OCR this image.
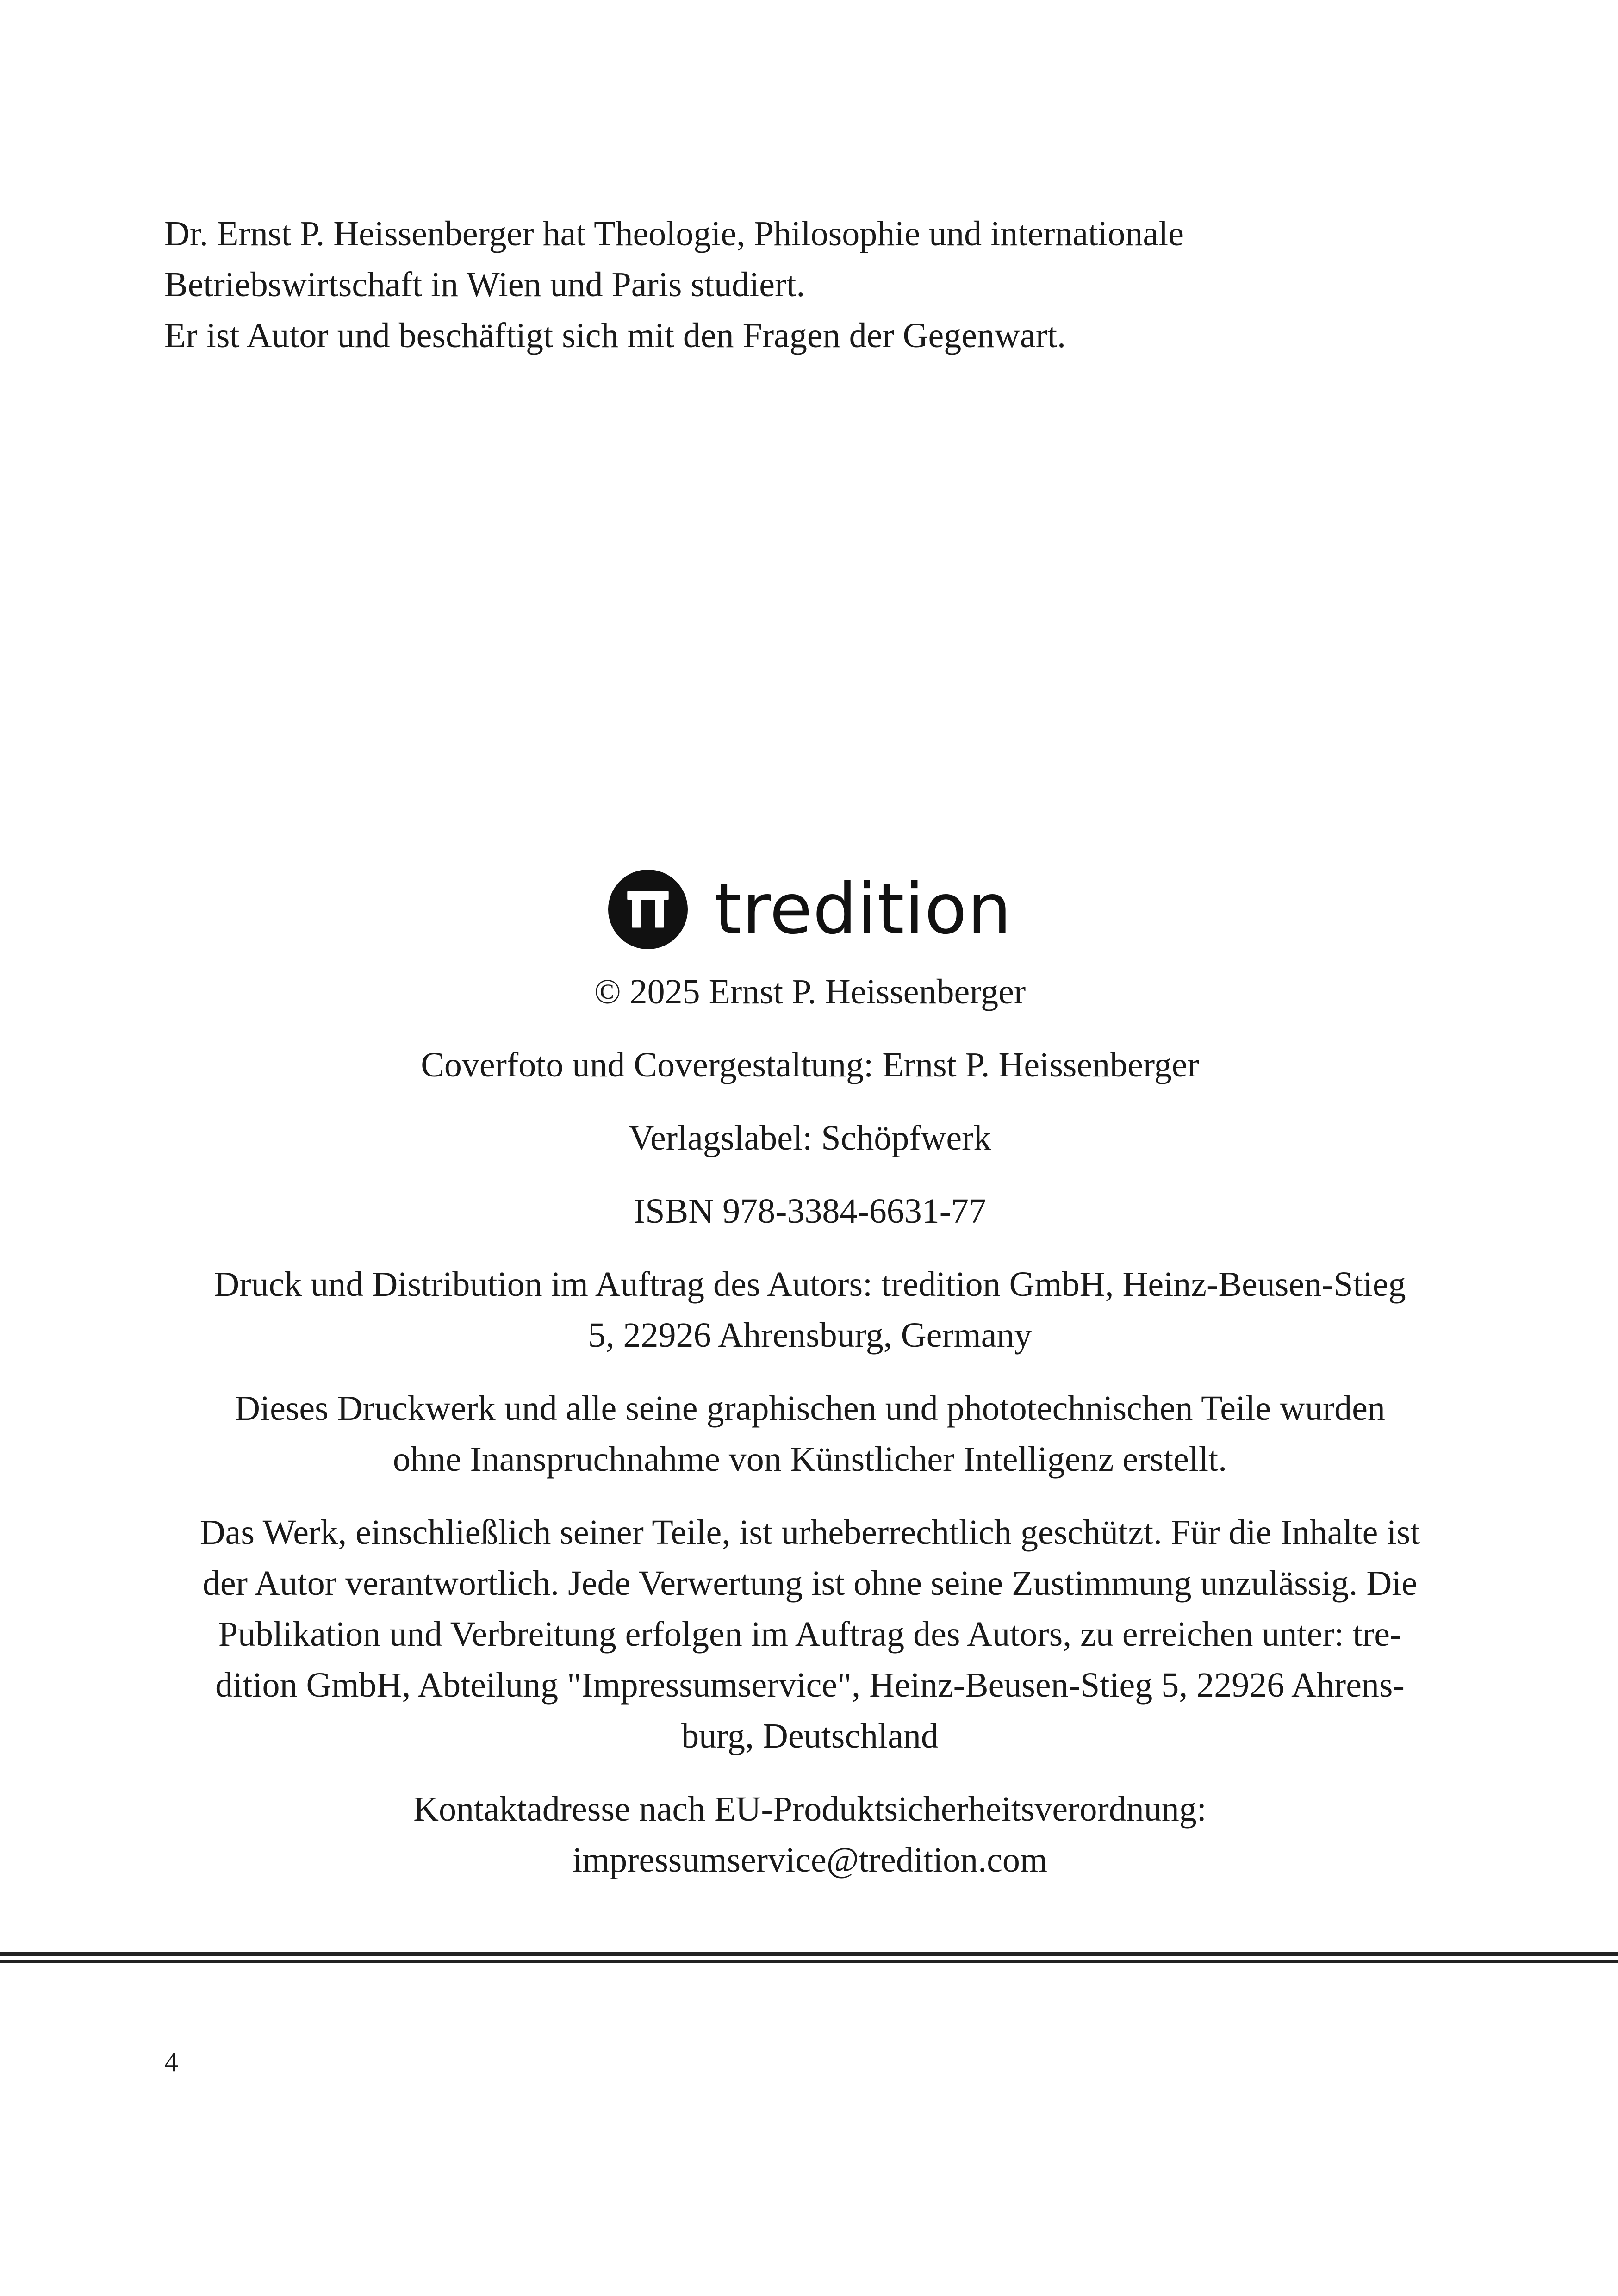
Dr. Ernst P. Heissenberger hat Theologie, Philosophie und internationale

Betriebswirtschaft in Wien und Paris studiert.

Er ist Autor und beschäftigt sich mit den Fragen der Gegenwart.

tredition

© 2025 Ernst P. Heissenberger

Coverfoto und Covergestaltung: Ernst P. Heissenberger

Verlagslabel: Schöpfwerk

ISBN 978-3384-6631-77

Druck und Distribution im Auftrag des Autors: tredition GmbH, Heinz-Beusen-Stieg
5, 22926 Ahrensburg, Germany

Dieses Druckwerk und alle seine graphischen und phototechnischen Teile wurden
ohne Inanspruchnahme von Künstlicher Intelligenz erstellt.

Das Werk, einschließlich seiner Teile, ist urheberrechtlich geschützt. Für die Inhalte ist
der Autor verantwortlich. Jede Verwertung ist ohne seine Zustimmung unzulässig. Die
Publikation und Verbreitung erfolgen im Auftrag des Autors, zu erreichen unter: tre-
dition GmbH, Abteilung "Impressumservice", Heinz-Beusen-Stieg 5, 22926 Ahrens-
burg, Deutschland

Kontaktadresse nach EU-Produktsicherheitsverordnung:
impressumservice@tredition.com

4
